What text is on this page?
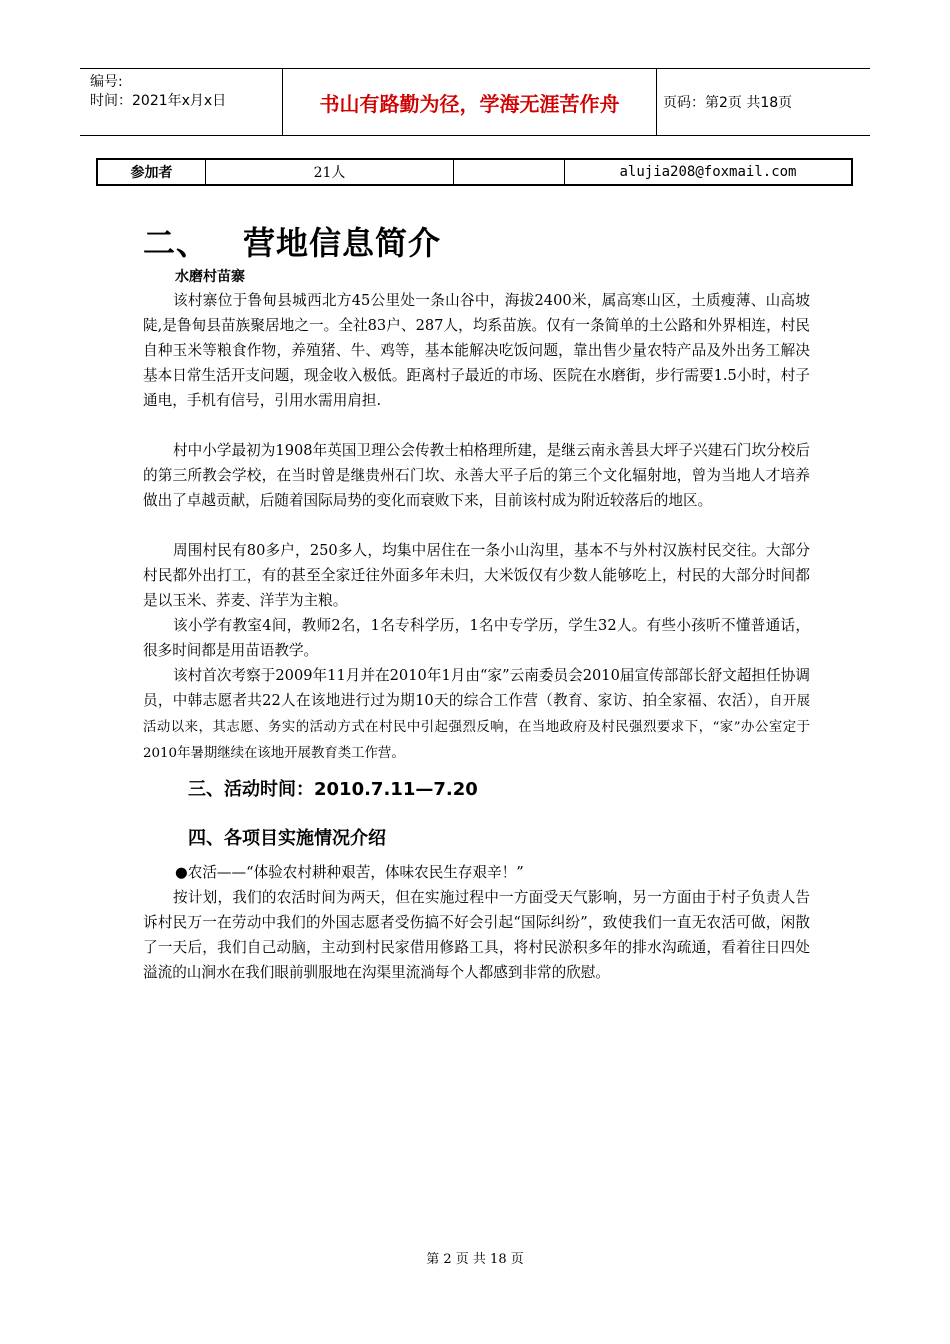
编号:
时间：2021年x月x日	书山有路勤为径，学海无涯苦作舟	页码：第2页 共18页
参加者	21人		alujia208@foxmail.com
二、 营地信息简介
水磨村苗寨
该村寨位于鲁甸县城西北方45公里处一条山谷中，海拔2400米，属高寒山区，土质瘦薄、山高坡陡,是鲁甸县苗族聚居地之一。全社83户、287人，均系苗族。仅有一条简单的土公路和外界相连，村民自种玉米等粮食作物，养殖猪、牛、鸡等，基本能解决吃饭问题，靠出售少量农特产品及外出务工解决基本日常生活开支问题，现金收入极低。距离村子最近的市场、医院在水磨街，步行需要1.5小时，村子通电，手机有信号，引用水需用肩担.
村中小学最初为1908年英国卫理公会传教士柏格理所建，是继云南永善县大坪子兴建石门坎分校后的第三所教会学校，在当时曾是继贵州石门坎、永善大平子后的第三个文化辐射地，曾为当地人才培养做出了卓越贡献，后随着国际局势的变化而衰败下来，目前该村成为附近较落后的地区。
周围村民有80多户，250多人，均集中居住在一条小山沟里，基本不与外村汉族村民交往。大部分村民都外出打工，有的甚至全家迁往外面多年未归，大米饭仅有少数人能够吃上，村民的大部分时间都是以玉米、荞麦、洋芋为主粮。
该小学有教室4间，教师2名，1名专科学历，1名中专学历，学生32人。有些小孩听不懂普通话，很多时间都是用苗语教学。
该村首次考察于2009年11月并在2010年1月由“家”云南委员会2010届宣传部部长舒文超担任协调员，中韩志愿者共22人在该地进行过为期10天的综合工作营（教育、家访、拍全家福、农活），自开展活动以来，其志愿、务实的活动方式在村民中引起强烈反响，在当地政府及村民强烈要求下，“家”办公室定于2010年暑期继续在该地开展教育类工作营。
三、活动时间：2010.7.11—7.20
四、各项目实施情况介绍
●农活——“体验农村耕种艰苦，体味农民生存艰辛！”
按计划，我们的农活时间为两天，但在实施过程中一方面受天气影响，另一方面由于村子负责人告诉村民万一在劳动中我们的外国志愿者受伤搞不好会引起“国际纠纷”，致使我们一直无农活可做，闲散了一天后，我们自己动脑，主动到村民家借用修路工具，将村民淤积多年的排水沟疏通，看着往日四处溢流的山涧水在我们眼前驯服地在沟渠里流淌每个人都感到非常的欣慰。
第 2 页 共 18 页
